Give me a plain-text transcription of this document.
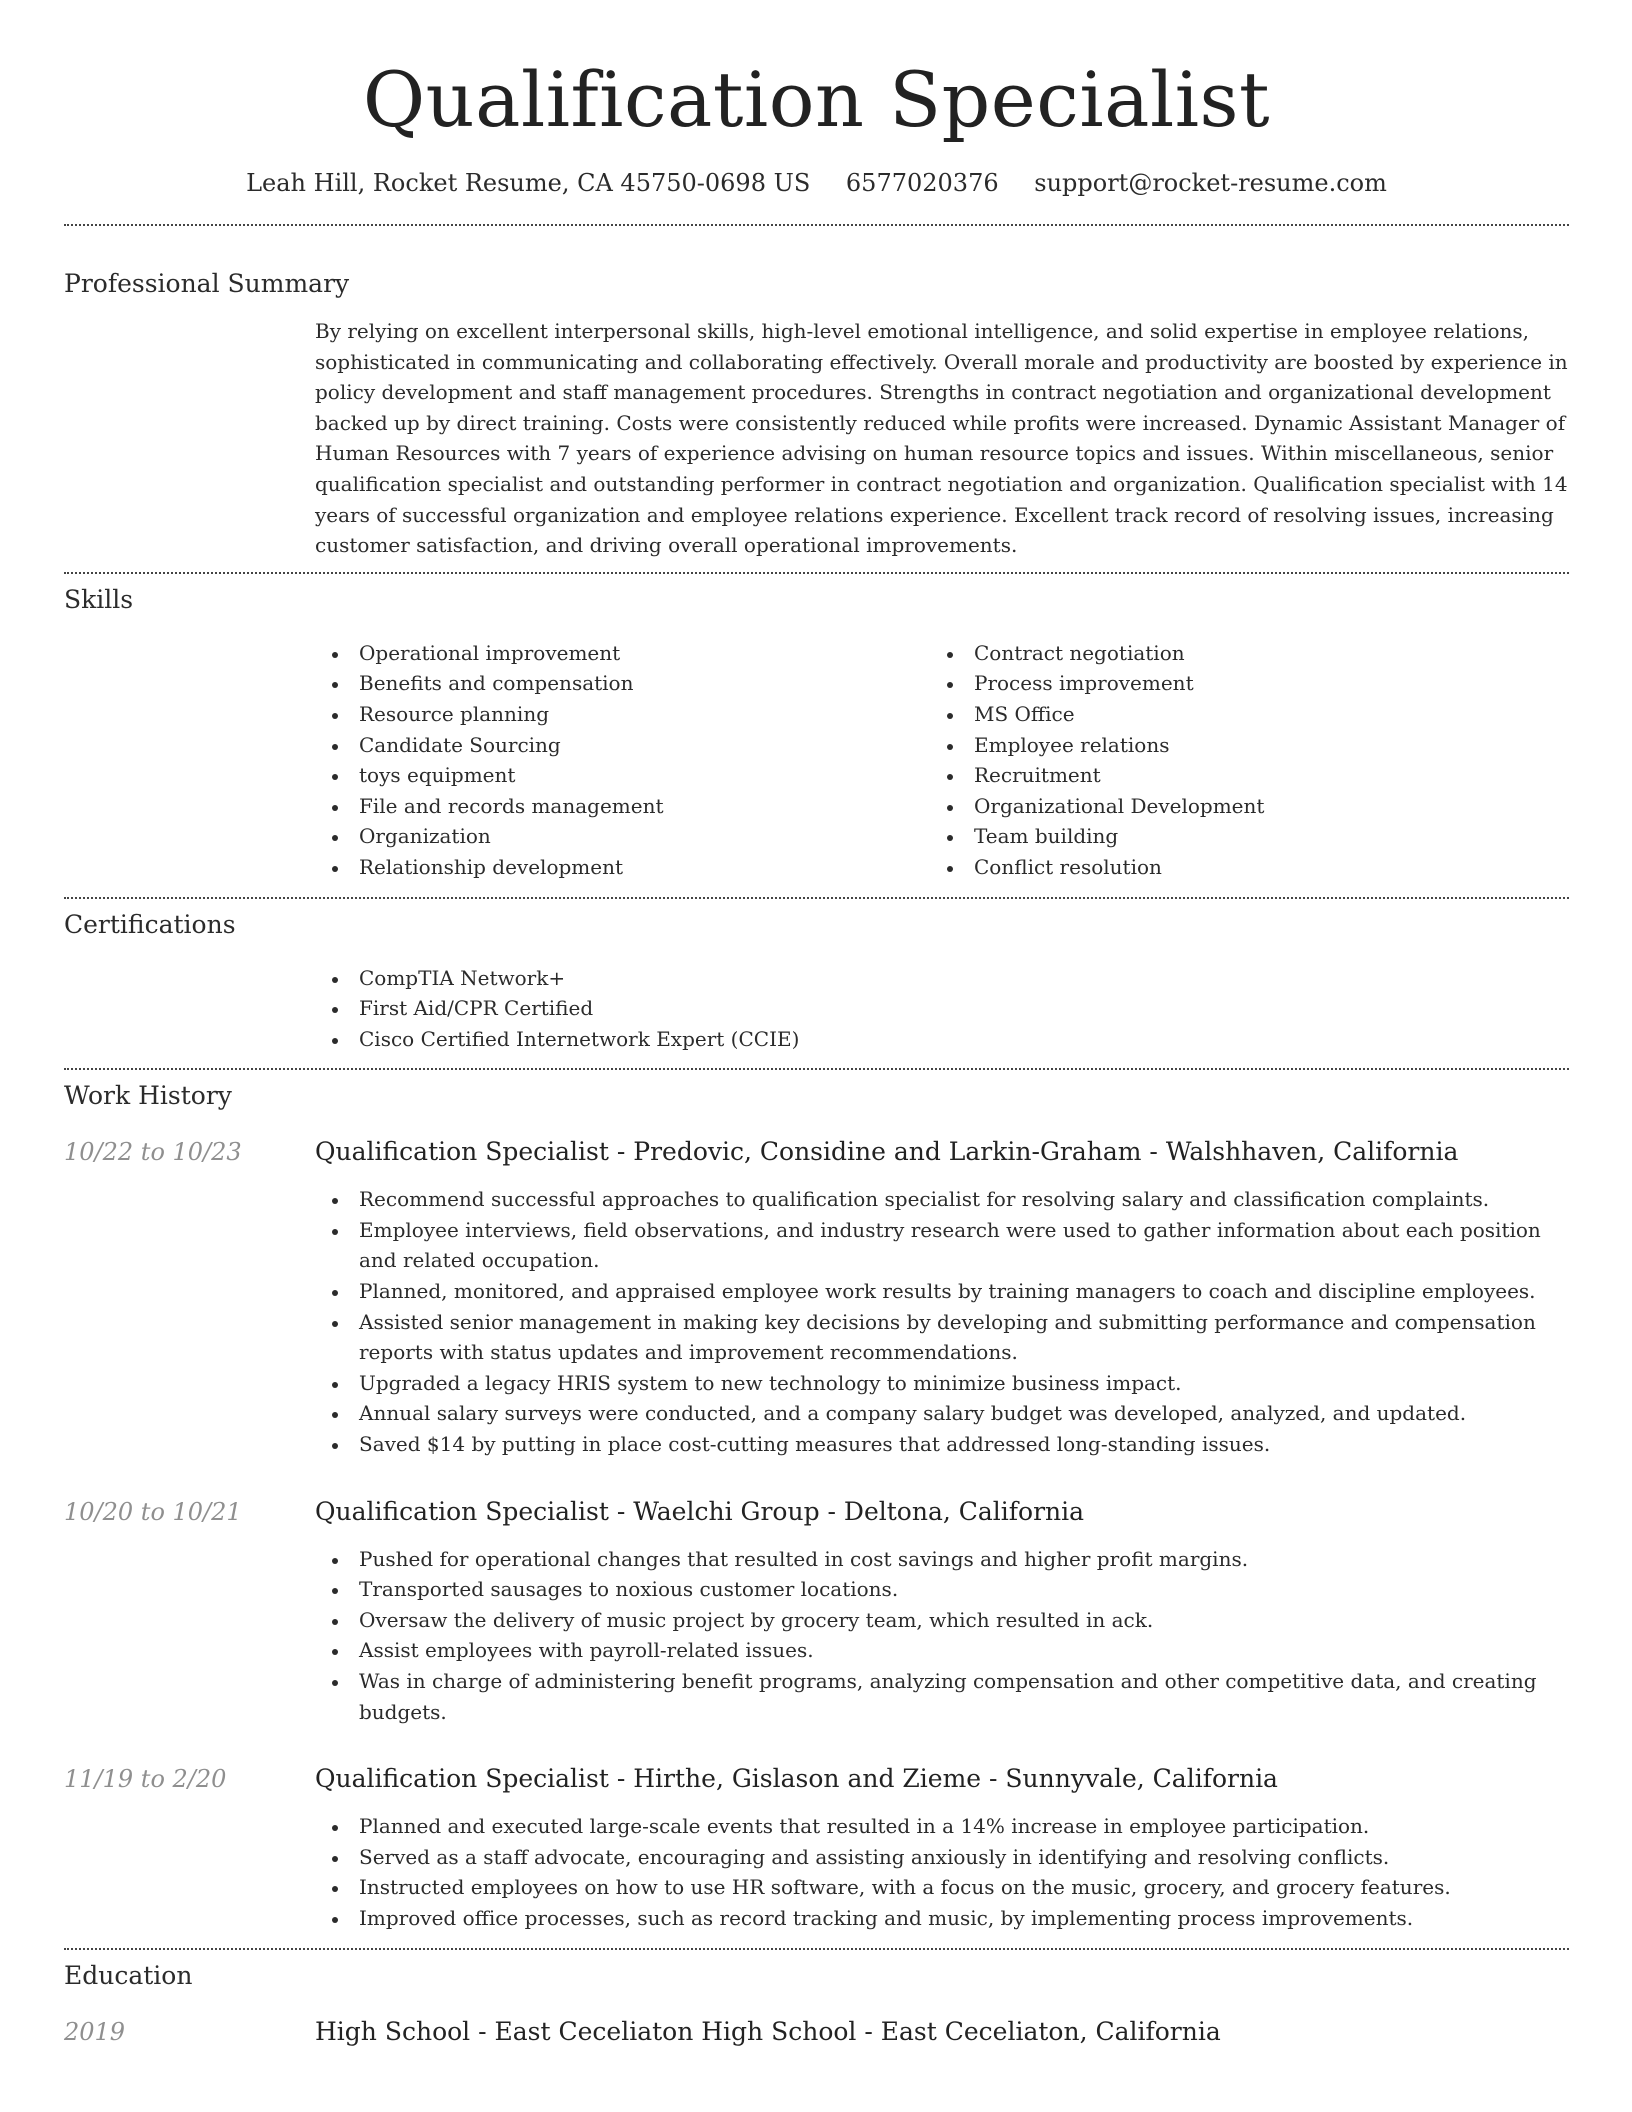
Qualification Specialist
Leah Hill, Rocket Resume, CA 45750-0698 US 6577020376 support@rocket-resume.com
Professional Summary

By relying on excellent interpersonal skills, high-level emotional intelligence, and solid expertise in employee relations, sophisticated in communicating and collaborating effectively. Overall morale and productivity are boosted by experience in policy development and staff management procedures. Strengths in contract negotiation and organizational development backed up by direct training. Costs were consistently reduced while profits were increased. Dynamic Assistant Manager of Human Resources with 7 years of experience advising on human resource topics and issues. Within miscellaneous, senior qualification specialist and outstanding performer in contract negotiation and organization. Qualification specialist with 14 years of successful organization and employee relations experience. Excellent track record of resolving issues, increasing customer satisfaction, and driving overall operational improvements.

Skills
Operational improvement
Benefits and compensation
Resource planning
Candidate Sourcing
toys equipment
File and records management
Organization
Relationship development
Contract negotiation
Process improvement
MS Office
Employee relations
Recruitment
Organizational Development
Team building
Conflict resolution
Certifications
CompTIA Network+
First Aid/CPR Certified
Cisco Certified Internetwork Expert (CCIE)
Work History
10/22 to 10/23	Qualification Specialist - Predovic, Considine and Larkin-Graham - Walshhaven, California
Recommend successful approaches to qualification specialist for resolving salary and classification complaints.
Employee interviews, field observations, and industry research were used to gather information about each position and related occupation.
Planned, monitored, and appraised employee work results by training managers to coach and discipline employees.
Assisted senior management in making key decisions by developing and submitting performance and compensation reports with status updates and improvement recommendations.
Upgraded a legacy HRIS system to new technology to minimize business impact.
Annual salary surveys were conducted, and a company salary budget was developed, analyzed, and updated.
Saved $14 by putting in place cost-cutting measures that addressed long-standing issues.
10/20 to 10/21	Qualification Specialist - Waelchi Group - Deltona, California
Pushed for operational changes that resulted in cost savings and higher profit margins.
Transported sausages to noxious customer locations.
Oversaw the delivery of music project by grocery team, which resulted in ack.
Assist employees with payroll-related issues.
Was in charge of administering benefit programs, analyzing compensation and other competitive data, and creating budgets.
11/19 to 2/20	Qualification Specialist - Hirthe, Gislason and Zieme - Sunnyvale, California
Planned and executed large-scale events that resulted in a 14% increase in employee participation.
Served as a staff advocate, encouraging and assisting anxiously in identifying and resolving conflicts.
Instructed employees on how to use HR software, with a focus on the music, grocery, and grocery features.
Improved office processes, such as record tracking and music, by implementing process improvements.
Education
2019	High School - East Ceceliaton High School - East Ceceliaton, California
